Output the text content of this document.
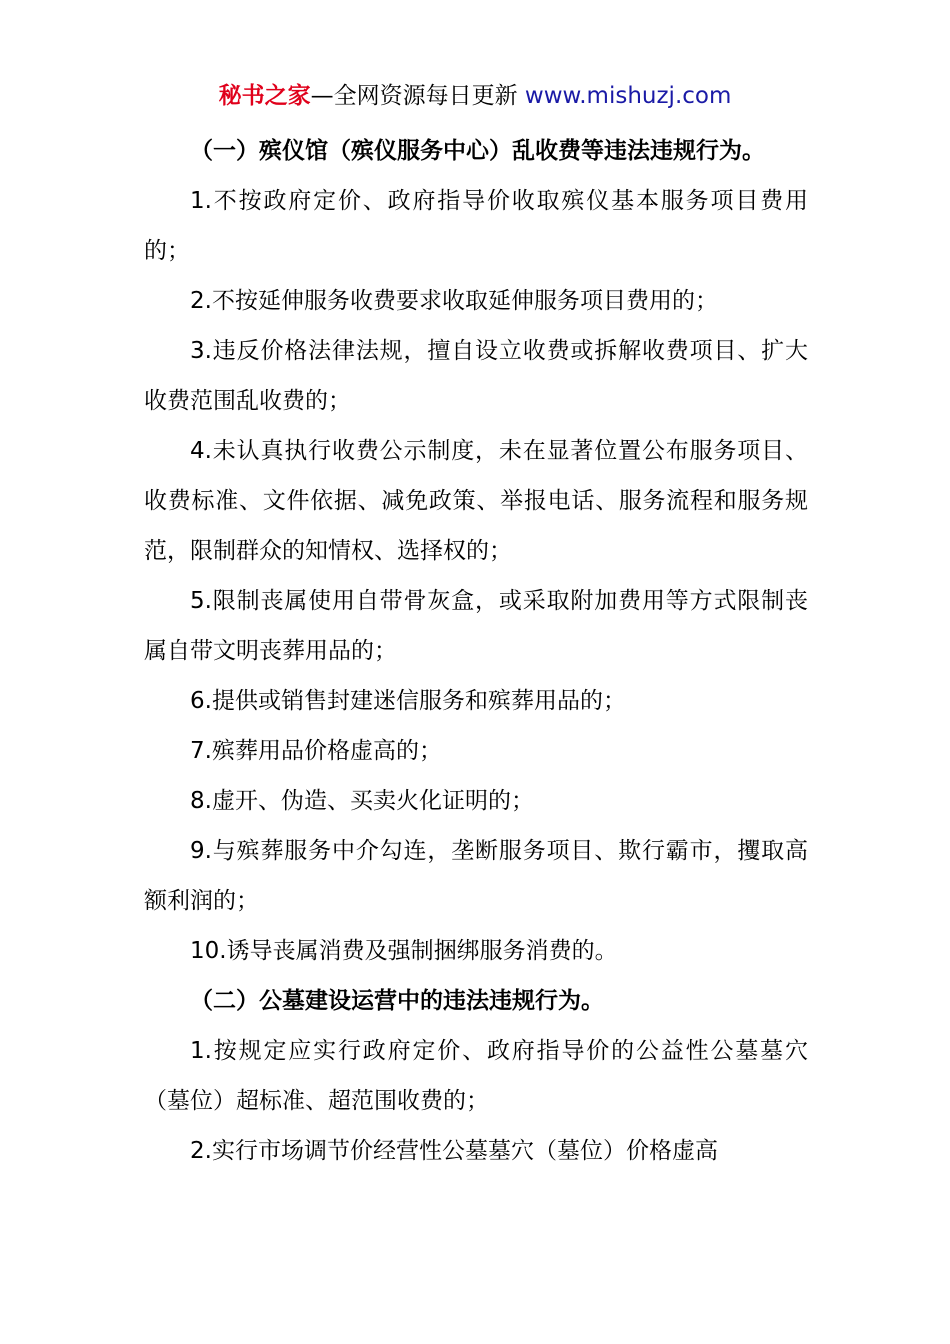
秘书之家—全网资源每日更新 www.mishuzj.com

（一）殡仪馆（殡仪服务中心）乱收费等违法违规行为。

1.不按政府定价、政府指导价收取殡仪基本服务项目费用的；

2.不按延伸服务收费要求收取延伸服务项目费用的；

3.违反价格法律法规，擅自设立收费或拆解收费项目、扩大收费范围乱收费的；

4.未认真执行收费公示制度，未在显著位置公布服务项目、收费标准、文件依据、减免政策、举报电话、服务流程和服务规范，限制群众的知情权、选择权的；

5.限制丧属使用自带骨灰盒，或采取附加费用等方式限制丧属自带文明丧葬用品的；

6.提供或销售封建迷信服务和殡葬用品的；

7.殡葬用品价格虚高的；

8.虚开、伪造、买卖火化证明的；

9.与殡葬服务中介勾连，垄断服务项目、欺行霸市，攫取高额利润的；

10.诱导丧属消费及强制捆绑服务消费的。

（二）公墓建设运营中的违法违规行为。

1.按规定应实行政府定价、政府指导价的公益性公墓墓穴（墓位）超标准、超范围收费的；

2.实行市场调节价经营性公墓墓穴（墓位）价格虚高
